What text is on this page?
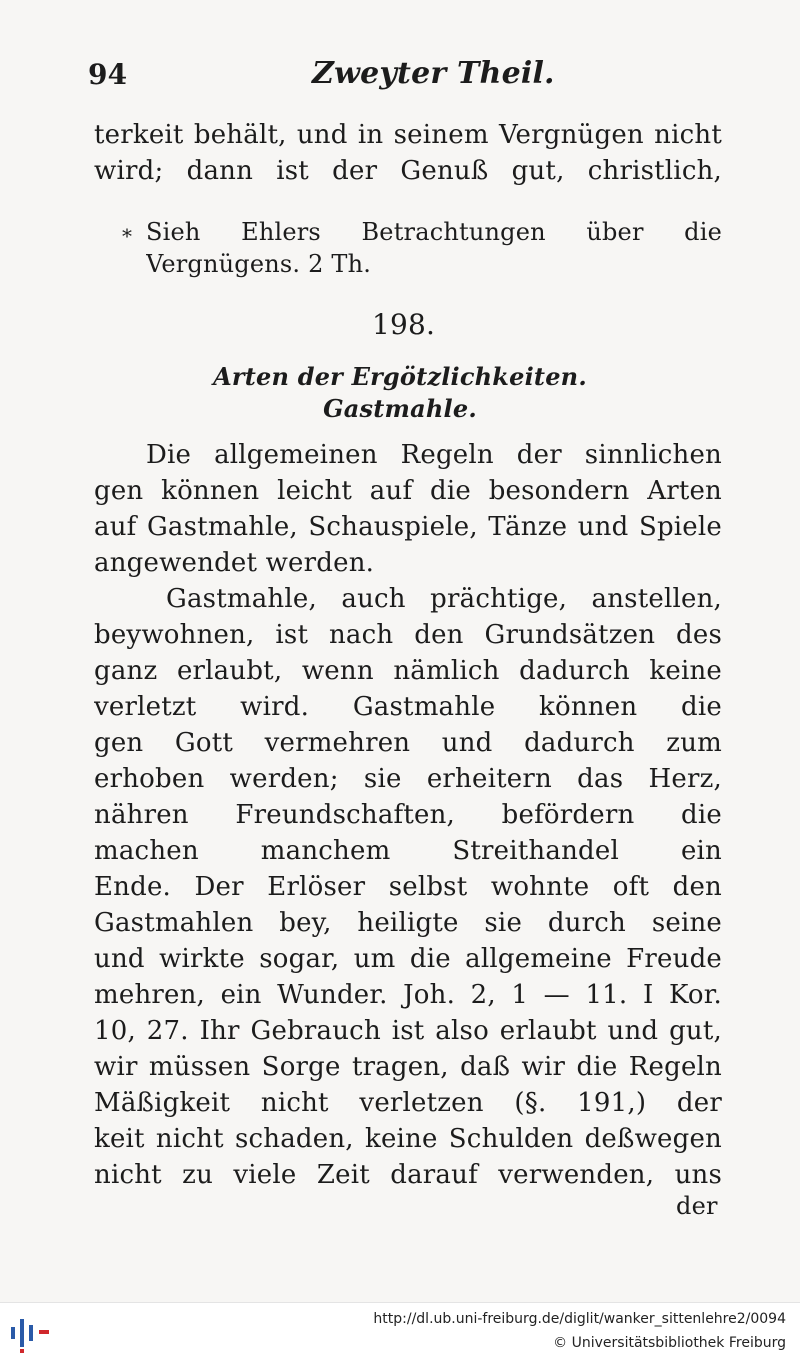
94	Zweyter Theil.
terkeit behält, und in seinem Vergnügen nicht
wird; dann ist der Genuß gut, christlich,
* Sieh Ehlers Betrachtungen über die
Vergnügens. 2 Th.
198.
Arten der Ergötzlichkeiten.
Gastmahle.
Die allgemeinen Regeln der sinnlichen
gen können leicht auf die besondern Arten
auf Gastmahle, Schauspiele, Tänze und Spiele
angewendet werden.
Gastmahle, auch prächtige, anstellen,
beywohnen, ist nach den Grundsätzen des
ganz erlaubt, wenn nämlich dadurch keine
verletzt wird. Gastmahle können die
gen Gott vermehren und dadurch zum
erhoben werden; sie erheitern das Herz,
nähren Freundschaften, befördern die
machen manchem Streithandel ein
Ende. Der Erlöser selbst wohnte oft den
Gastmahlen bey, heiligte sie durch seine
und wirkte sogar, um die allgemeine Freude
mehren, ein Wunder. Joh. 2, 1 — 11. I Kor.
10, 27. Ihr Gebrauch ist also erlaubt und gut,
wir müssen Sorge tragen, daß wir die Regeln
Mäßigkeit nicht verletzen (§. 191,) der
keit nicht schaden, keine Schulden deßwegen
nicht zu viele Zeit darauf verwenden, uns
der
http://dl.ub.uni-freiburg.de/diglit/wanker_sittenlehre2/0094
© Universitätsbibliothek Freiburg
